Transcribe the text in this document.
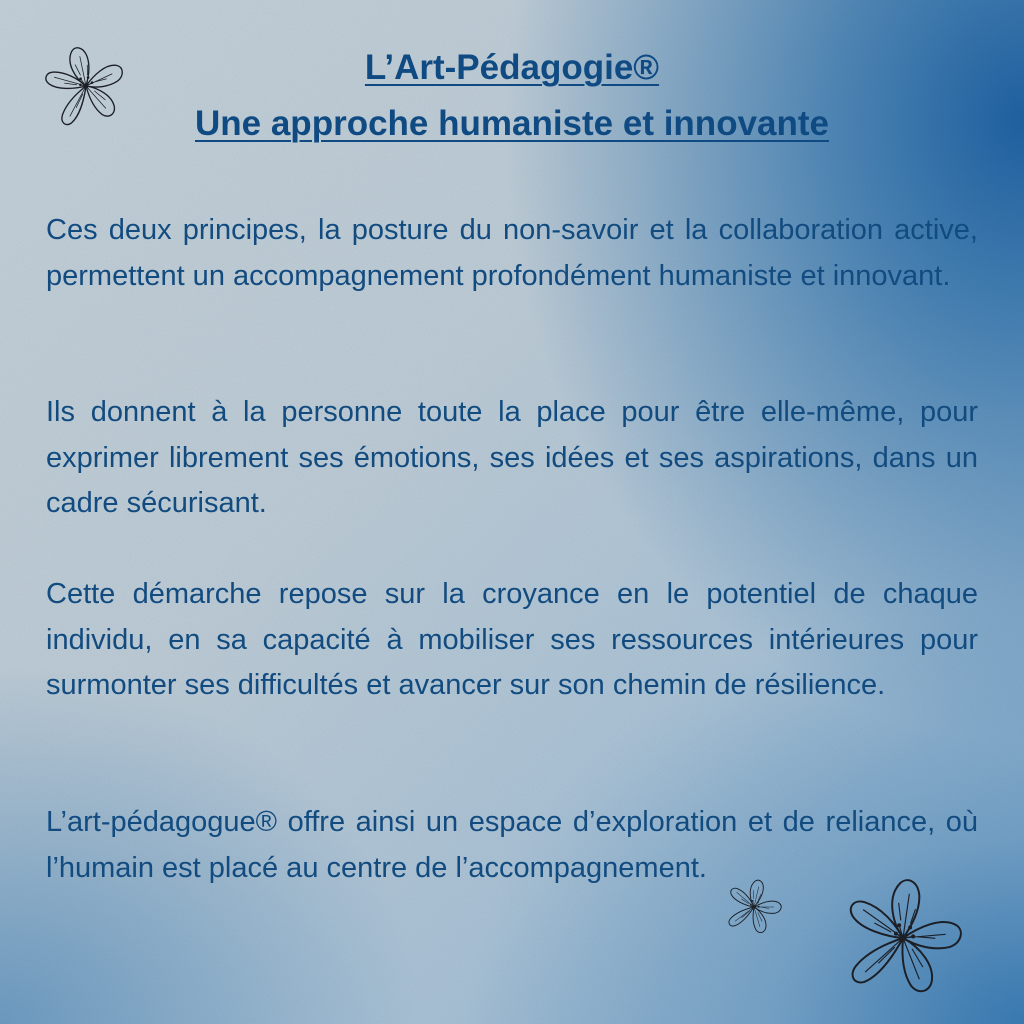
L’Art-Pédagogie®
Une approche humaniste et innovante

Ces deux principes, la posture du non-savoir et la collaboration active, permettent un accompagnement profondément humaniste et innovant.

Ils donnent à la personne toute la place pour être elle-même, pour exprimer librement ses émotions, ses idées et ses aspirations, dans un cadre sécurisant.

Cette démarche repose sur la croyance en le potentiel de chaque individu, en sa capacité à mobiliser ses ressources intérieures pour surmonter ses difficultés et avancer sur son chemin de résilience.

L’art-pédagogue® offre ainsi un espace d’exploration et de reliance, où l’humain est placé au centre de l’accompagnement.
